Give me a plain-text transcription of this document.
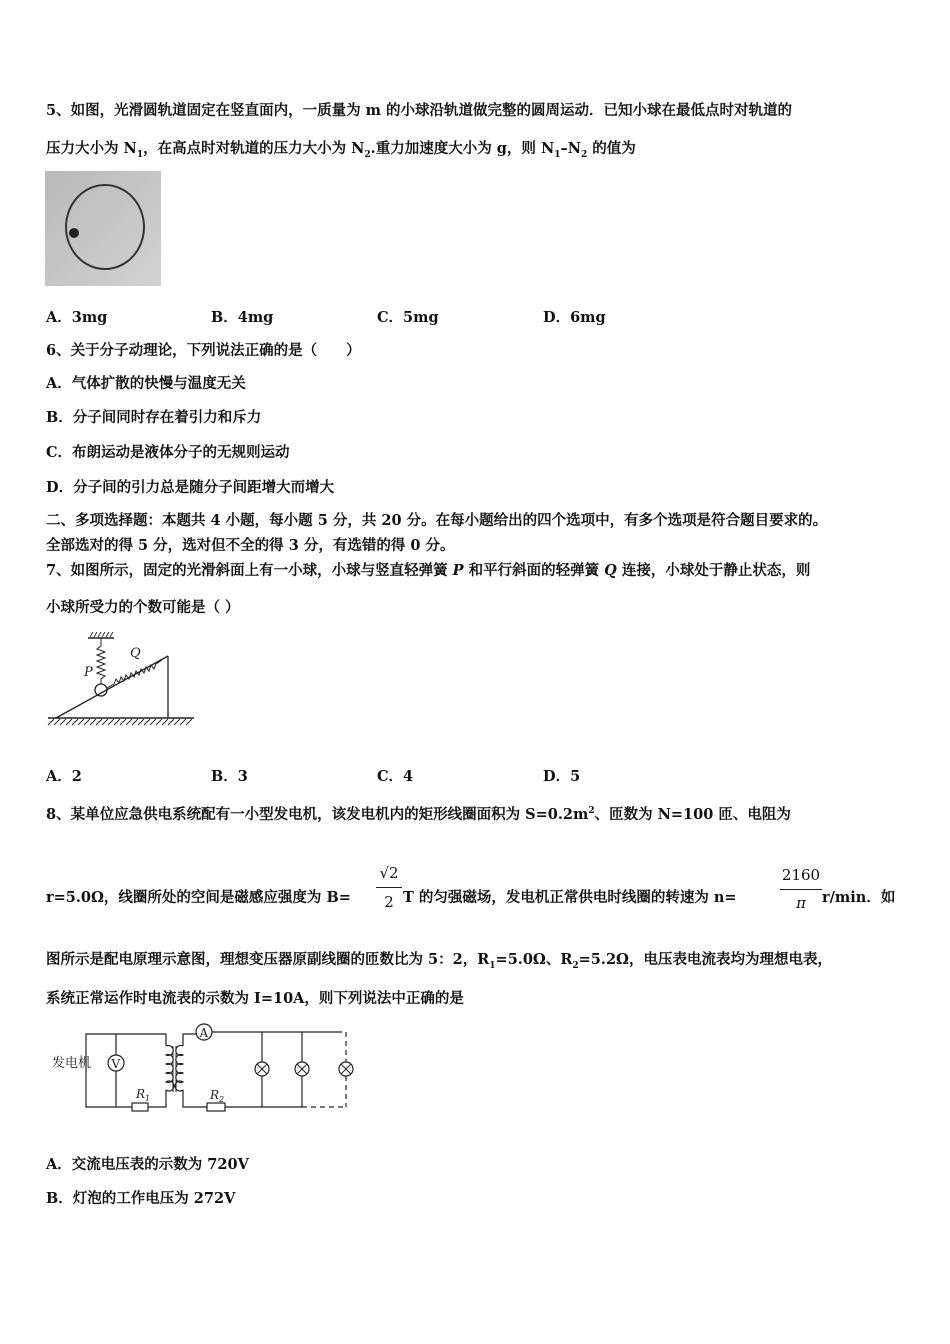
5、如图，光滑圆轨道固定在竖直面内，一质量为 m 的小球沿轨道做完整的圆周运动．已知小球在最低点时对轨道的
压力大小为 $N_1$，在高点时对轨道的压力大小为 $N_2$.重力加速度大小为 g，则 $N_1-N_2$ 的值为
A．3mg	B．4mg	C．5mg	D．6mg
6、关于分子动理论，下列说法正确的是（　　）
A．气体扩散的快慢与温度无关
B．分子间同时存在着引力和斥力
C．布朗运动是液体分子的无规则运动
D．分子间的引力总是随分子间距增大而增大
二、多项选择题：本题共 4 小题，每小题 5 分，共 20 分。在每小题给出的四个选项中，有多个选项是符合题目要求的。
全部选对的得 5 分，选对但不全的得 3 分，有选错的得 0 分。
7、如图所示，固定的光滑斜面上有一小球，小球与竖直轻弹簧 P 和平行斜面的轻弹簧 Q 连接，小球处于静止状态，则
小球所受力的个数可能是（ ）
P
Q
A．2	B．3	C．4	D．5
8、某单位应急供电系统配有一小型发电机，该发电机内的矩形线圈面积为 $S=0.2m^2$、匝数为 N=100 匝、电阻为
r=5.0Ω，线圈所处的空间是磁感应强度为 B=
√2
2 T 的匀强磁场，发电机正常供电时线圈的转速为 n=
2160
π	r/min．如
图所示是配电原理示意图，理想变压器原副线圈的匝数比为 5：2，$R_1=5.0\Omega$、$R_2=5.2\Omega$，电压表电流表均为理想电表，
系统正常运作时电流表的示数为 I=10A，则下列说法中正确的是
发电机 V
A
$R_1$	$R_2$
A．交流电压表的示数为 720V
B．灯泡的工作电压为 272V
